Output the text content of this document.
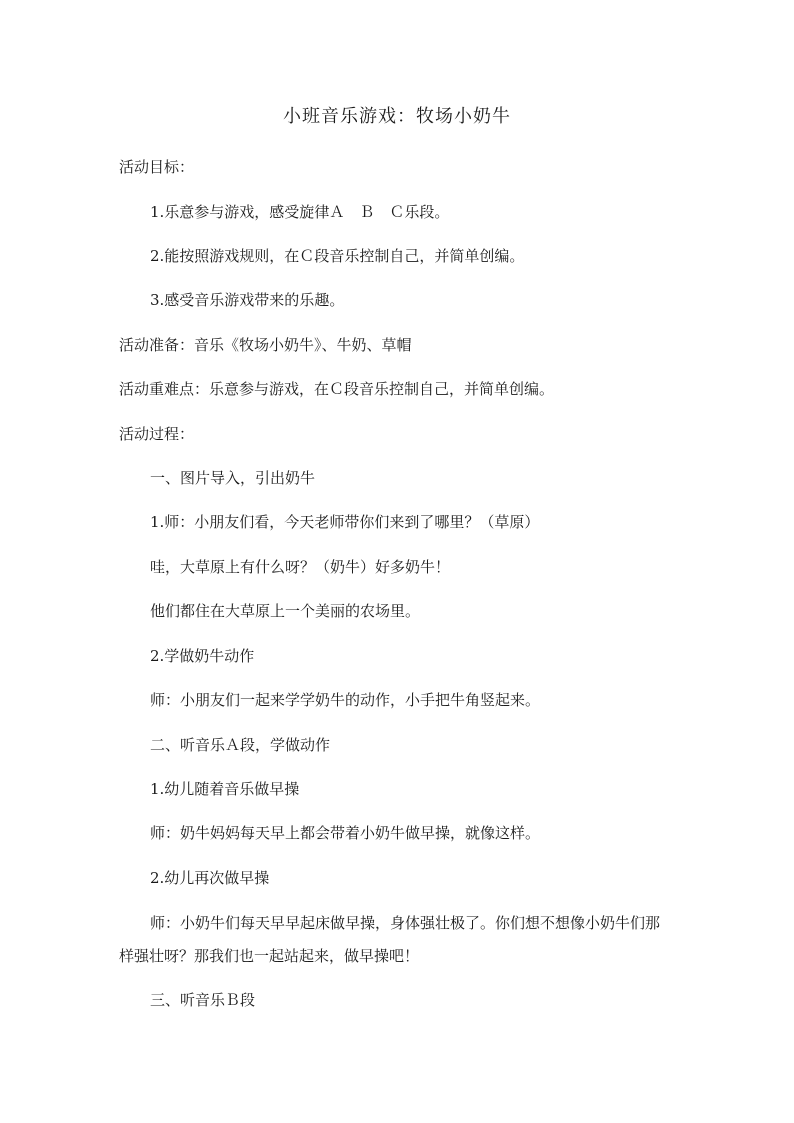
小班音乐游戏：牧场小奶牛
活动目标：
1.乐意参与游戏，感受旋律Ａ　Ｂ　Ｃ乐段。
2.能按照游戏规则，在Ｃ段音乐控制自己，并简单创编。
3.感受音乐游戏带来的乐趣。
活动准备：音乐《牧场小奶牛》、牛奶、草帽
活动重难点：乐意参与游戏，在Ｃ段音乐控制自己，并简单创编。
活动过程：
一、图片导入，引出奶牛
1.师：小朋友们看，今天老师带你们来到了哪里？（草原）
哇，大草原上有什么呀？（奶牛）好多奶牛！
他们都住在大草原上一个美丽的农场里。
2.学做奶牛动作
师：小朋友们一起来学学奶牛的动作，小手把牛角竖起来。
二、听音乐Ａ段，学做动作
1.幼儿随着音乐做早操
师：奶牛妈妈每天早上都会带着小奶牛做早操，就像这样。
2.幼儿再次做早操
师：小奶牛们每天早早起床做早操，身体强壮极了。你们想不想像小奶牛们那样强壮呀？那我们也一起站起来，做早操吧！
三、听音乐Ｂ段
